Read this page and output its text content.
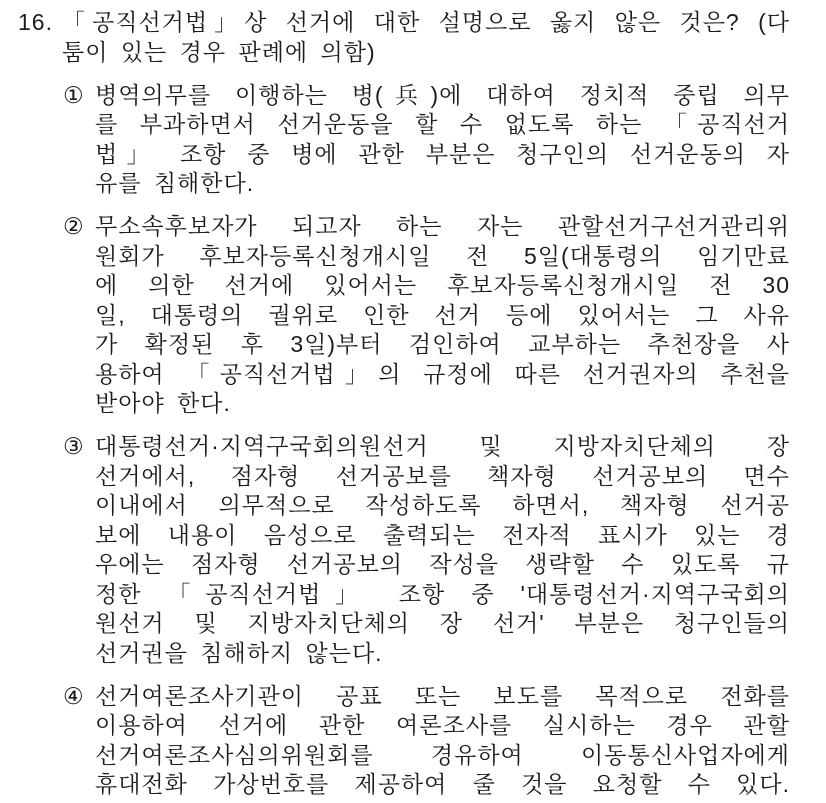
16. 「공직선거법」상 선거에 대한 설명으로 옳지 않은 것은? (다
툼이 있는 경우 판례에 의함)
① 병역의무를 이행하는 병(兵)에 대하여 정치적 중립 의무
를 부과하면서 선거운동을 할 수 없도록 하는 「공직선거
법」 조항 중 병에 관한 부분은 청구인의 선거운동의 자
유를 침해한다.
② 무소속후보자가 되고자 하는 자는 관할선거구선거관리위
원회가 후보자등록신청개시일 전 5일(대통령의 임기만료
에 의한 선거에 있어서는 후보자등록신청개시일 전 30
일, 대통령의 궐위로 인한 선거 등에 있어서는 그 사유
가 확정된 후 3일)부터 검인하여 교부하는 추천장을 사
용하여 「공직선거법」의 규정에 따른 선거권자의 추천을
받아야 한다.
③ 대통령선거·지역구국회의원선거 및 지방자치단체의 장
선거에서, 점자형 선거공보를 책자형 선거공보의 면수
이내에서 의무적으로 작성하도록 하면서, 책자형 선거공
보에 내용이 음성으로 출력되는 전자적 표시가 있는 경
우에는 점자형 선거공보의 작성을 생략할 수 있도록 규
정한 「공직선거법」 조항 중 '대통령선거·지역구국회의
원선거 및 지방자치단체의 장 선거' 부분은 청구인들의
선거권을 침해하지 않는다.
④ 선거여론조사기관이 공표 또는 보도를 목적으로 전화를
이용하여 선거에 관한 여론조사를 실시하는 경우 관할
선거여론조사심의위원회를 경유하여 이동통신사업자에게
휴대전화 가상번호를 제공하여 줄 것을 요청할 수 있다.
